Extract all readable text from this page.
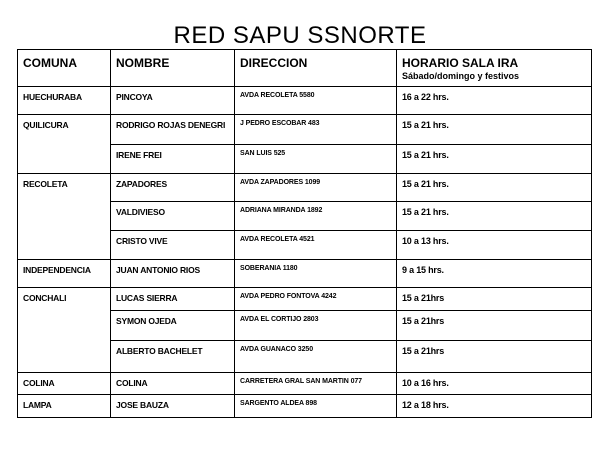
RED SAPU SSNORTE
COMUNA	NOMBRE	DIRECCION	HORARIO SALA IRA
Sábado/domingo y festivos

HUECHURABA	PINCOYA	AVDA RECOLETA 5580	16 a 22 hrs.
QUILICURA	RODRIGO ROJAS DENEGRI	J PEDRO ESCOBAR 483	15 a 21 hrs.
	IRENE FREI	SAN LUIS 525	15 a 21 hrs.
RECOLETA	ZAPADORES	AVDA ZAPADORES 1099	15 a 21 hrs.
	VALDIVIESO	ADRIANA MIRANDA 1892	15 a 21 hrs.
	CRISTO VIVE	AVDA RECOLETA 4521	10 a 13 hrs.
INDEPENDENCIA	JUAN ANTONIO RIOS	SOBERANIA 1180	9 a 15 hrs.
CONCHALI	LUCAS SIERRA	AVDA PEDRO FONTOVA 4242	15 a 21hrs
	SYMON OJEDA	AVDA EL CORTIJO 2803	15 a 21hrs
	ALBERTO BACHELET	AVDA GUANACO 3250	15 a 21hrs
COLINA	COLINA	CARRETERA GRAL SAN MARTIN 077	10 a 16 hrs.
LAMPA	JOSE BAUZA	SARGENTO ALDEA 898	12 a 18 hrs.
